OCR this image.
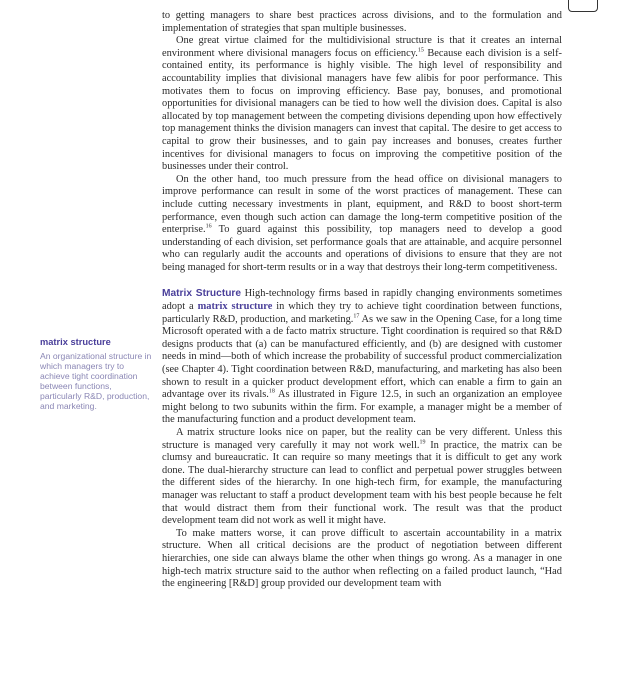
matrix structure
An organizational structure in which managers try to achieve tight coordination between functions, particularly R&D, production, and marketing.

to getting managers to share best practices across divisions, and to the formulation and implementation of strategies that span multiple businesses.

One great virtue claimed for the multidivisional structure is that it creates an internal environment where divisional managers focus on efficiency.$^{15}$ Because each division is a self-contained entity, its performance is highly visible. The high level of responsibility and accountability implies that divisional managers have few alibis for poor performance. This motivates them to focus on improving efficiency. Base pay, bonuses, and promotional opportunities for divisional managers can be tied to how well the division does. Capital is also allocated by top management between the competing divisions depending upon how effectively top management thinks the division managers can invest that capital. The desire to get access to capital to grow their businesses, and to gain pay increases and bonuses, creates further incentives for divisional managers to focus on improving the competitive position of the businesses under their control.

On the other hand, too much pressure from the head office on divisional managers to improve performance can result in some of the worst practices of management. These can include cutting necessary investments in plant, equipment, and R&D to boost short-term performance, even though such action can damage the long-term competitive position of the enterprise.$^{16}$ To guard against this possibility, top managers need to develop a good understanding of each division, set performance goals that are attainable, and acquire personnel who can regularly audit the accounts and operations of divisions to ensure that they are not being managed for short-term results or in a way that destroys their long-term competitiveness.

Matrix Structure High-technology firms based in rapidly changing environments sometimes adopt a matrix structure in which they try to achieve tight coordination between functions, particularly R&D, production, and marketing.$^{17}$ As we saw in the Opening Case, for a long time Microsoft operated with a de facto matrix structure. Tight coordination is required so that R&D designs products that (a) can be manufactured efficiently, and (b) are designed with customer needs in mind—both of which increase the probability of successful product commercialization (see Chapter 4). Tight coordination between R&D, manufacturing, and marketing has also been shown to result in a quicker product development effort, which can enable a firm to gain an advantage over its rivals.$^{18}$ As illustrated in Figure 12.5, in such an organization an employee might belong to two subunits within the firm. For example, a manager might be a member of the manufacturing function and a product development team.

A matrix structure looks nice on paper, but the reality can be very different. Unless this structure is managed very carefully it may not work well.$^{19}$ In practice, the matrix can be clumsy and bureaucratic. It can require so many meetings that it is difficult to get any work done. The dual-hierarchy structure can lead to conflict and perpetual power struggles between the different sides of the hierarchy. In one high-tech firm, for example, the manufacturing manager was reluctant to staff a product development team with his best people because he felt that would distract them from their functional work. The result was that the product development team did not work as well it might have.

To make matters worse, it can prove difficult to ascertain accountability in a matrix structure. When all critical decisions are the product of negotiation between different hierarchies, one side can always blame the other when things go wrong. As a manager in one high-tech matrix structure said to the author when reflecting on a failed product launch, “Had the engineering [R&D] group provided our development team with
